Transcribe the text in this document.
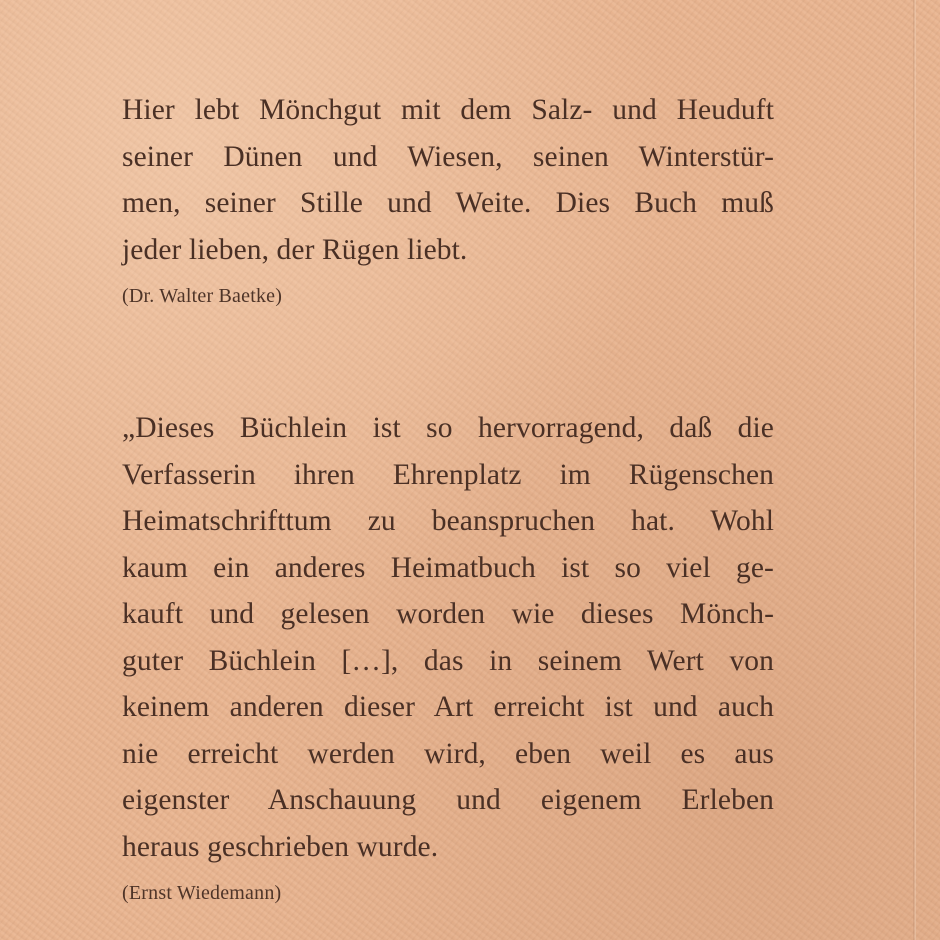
Hier lebt Mönchgut mit dem Salz- und Heuduft
seiner Dünen und Wiesen, seinen Winterstür-
men, seiner Stille und Weite. Dies Buch muß
jeder lieben, der Rügen liebt.

(Dr. Walter Baetke)

„Dieses Büchlein ist so hervorragend, daß die
Verfasserin ihren Ehrenplatz im Rügenschen
Heimatschrifttum zu beanspruchen hat. Wohl
kaum ein anderes Heimatbuch ist so viel ge-
kauft und gelesen worden wie dieses Mönch-
guter Büchlein […], das in seinem Wert von
keinem anderen dieser Art erreicht ist und auch
nie erreicht werden wird, eben weil es aus
eigenster Anschauung und eigenem Erleben
heraus geschrieben wurde.

(Ernst Wiedemann)
